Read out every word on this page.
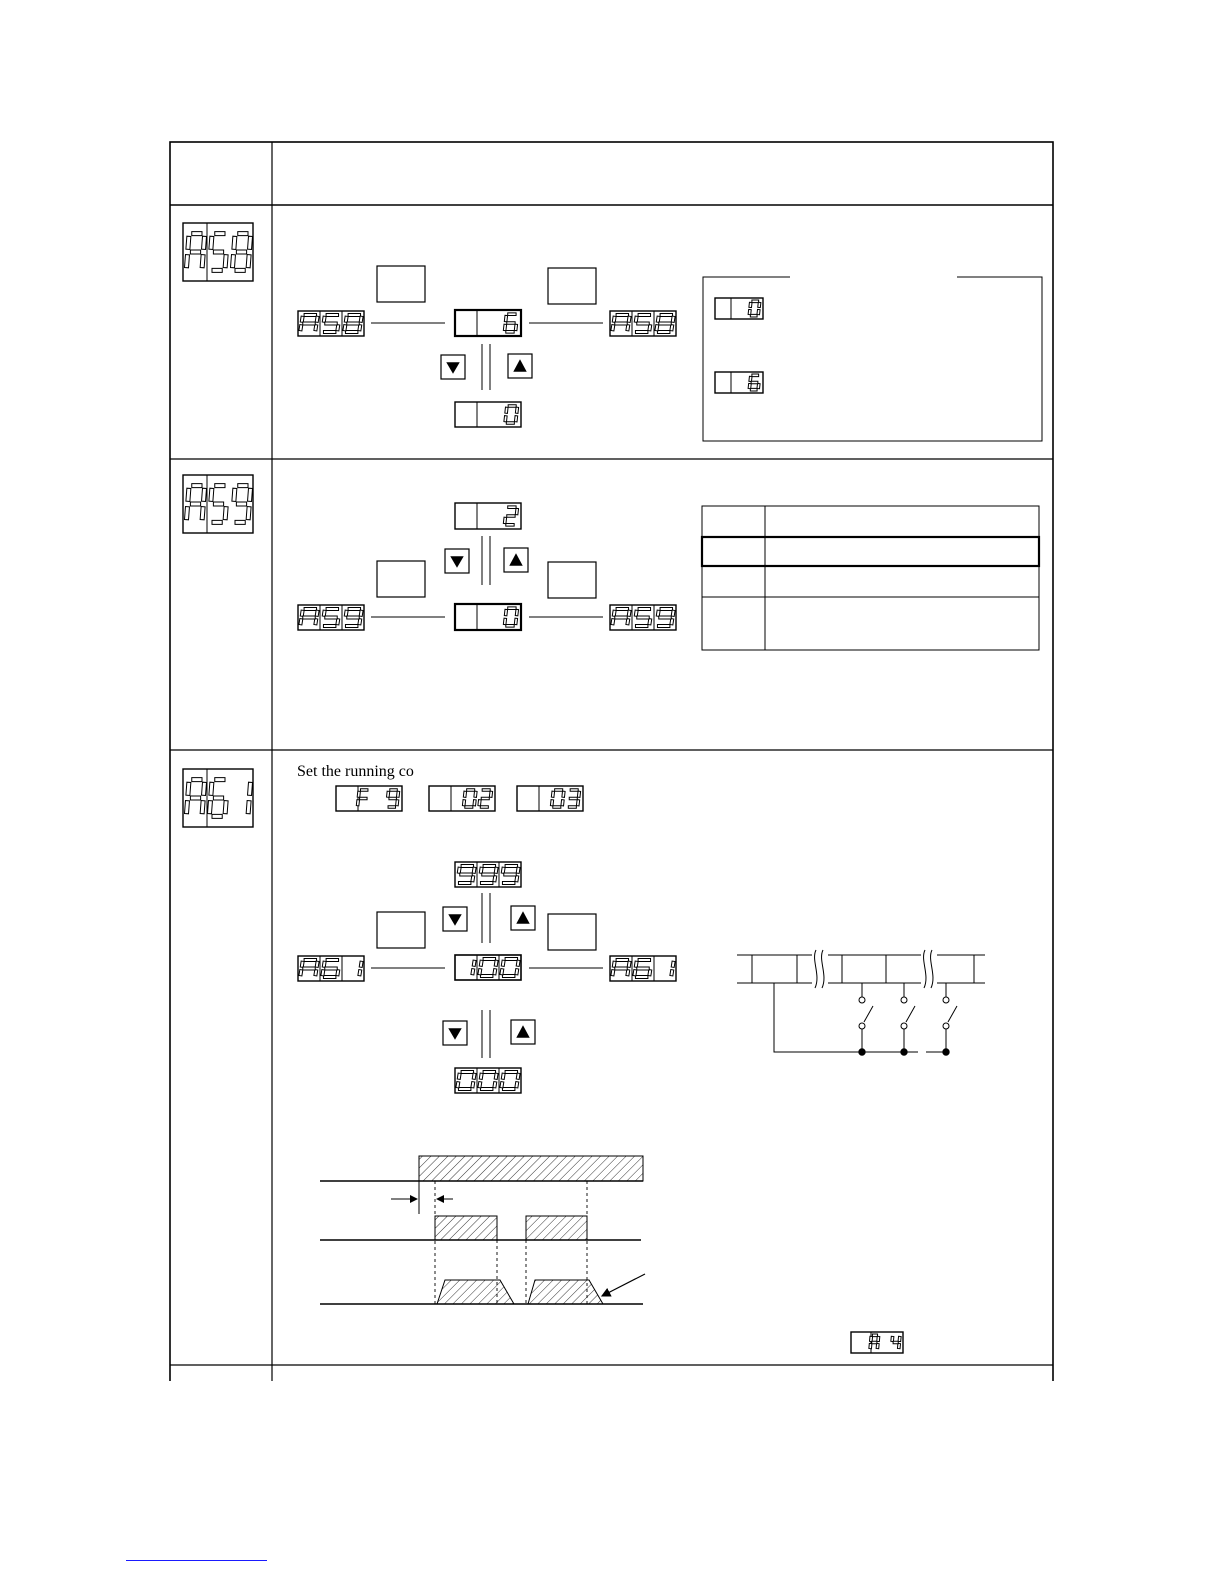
Set the running co
